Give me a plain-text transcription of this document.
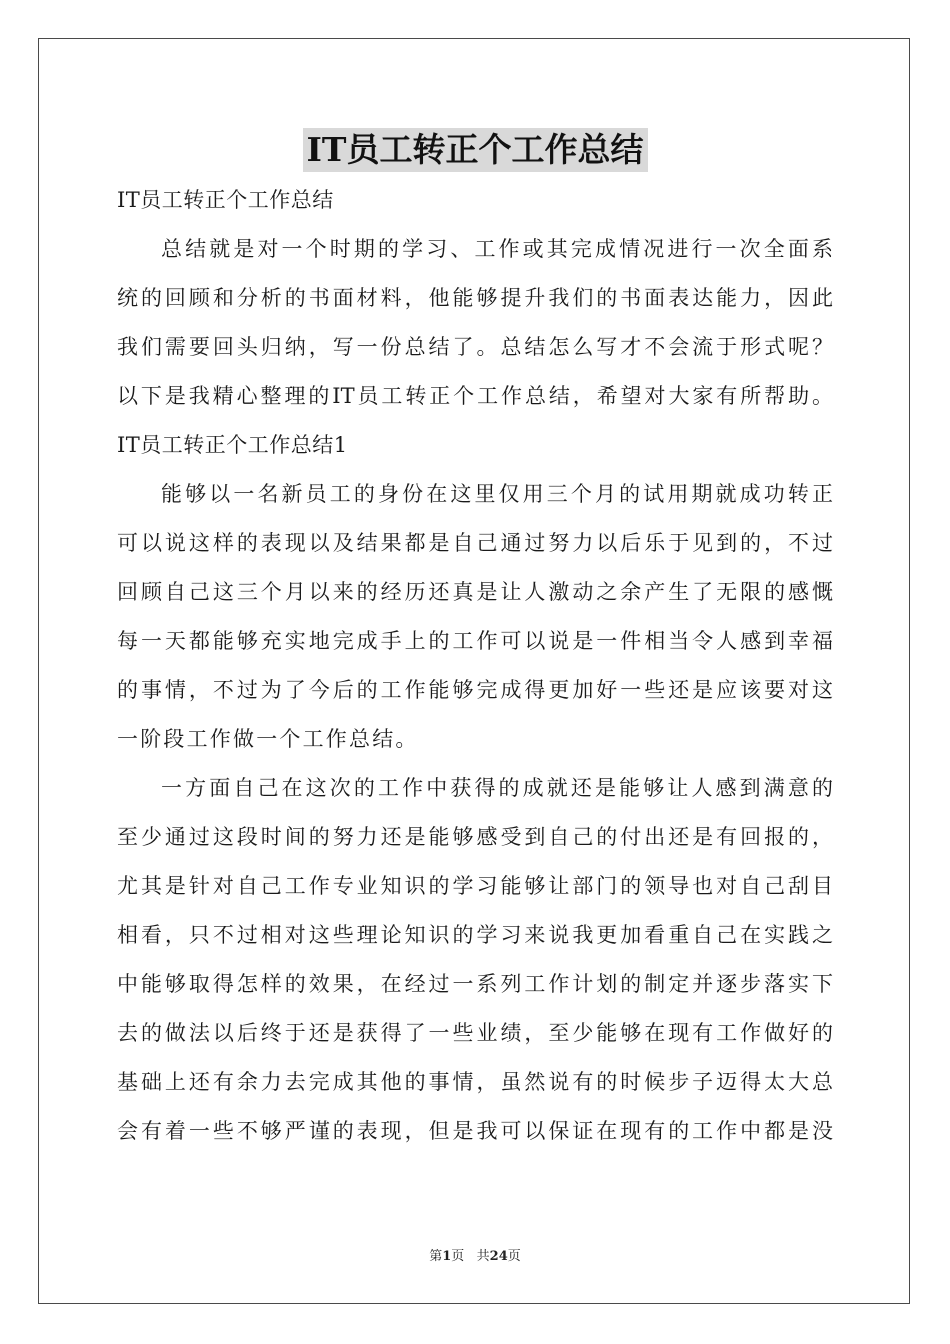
IT员工转正个工作总结
IT员工转正个工作总结
总结就是对一个时期的学习、工作或其完成情况进行一次全面系
统的回顾和分析的书面材料，他能够提升我们的书面表达能力，因此
我们需要回头归纳，写一份总结了。总结怎么写才不会流于形式呢？
以下是我精心整理的IT员工转正个工作总结，希望对大家有所帮助。
IT员工转正个工作总结1
能够以一名新员工的身份在这里仅用三个月的试用期就成功转正
可以说这样的表现以及结果都是自己通过努力以后乐于见到的，不过
回顾自己这三个月以来的经历还真是让人激动之余产生了无限的感慨
每一天都能够充实地完成手上的工作可以说是一件相当令人感到幸福
的事情，不过为了今后的工作能够完成得更加好一些还是应该要对这
一阶段工作做一个工作总结。
一方面自己在这次的工作中获得的成就还是能够让人感到满意的
至少通过这段时间的努力还是能够感受到自己的付出还是有回报的，
尤其是针对自己工作专业知识的学习能够让部门的领导也对自己刮目
相看，只不过相对这些理论知识的学习来说我更加看重自己在实践之
中能够取得怎样的效果，在经过一系列工作计划的制定并逐步落实下
去的做法以后终于还是获得了一些业绩，至少能够在现有工作做好的
基础上还有余力去完成其他的事情，虽然说有的时候步子迈得太大总
会有着一些不够严谨的表现，但是我可以保证在现有的工作中都是没
第1页   共24页
